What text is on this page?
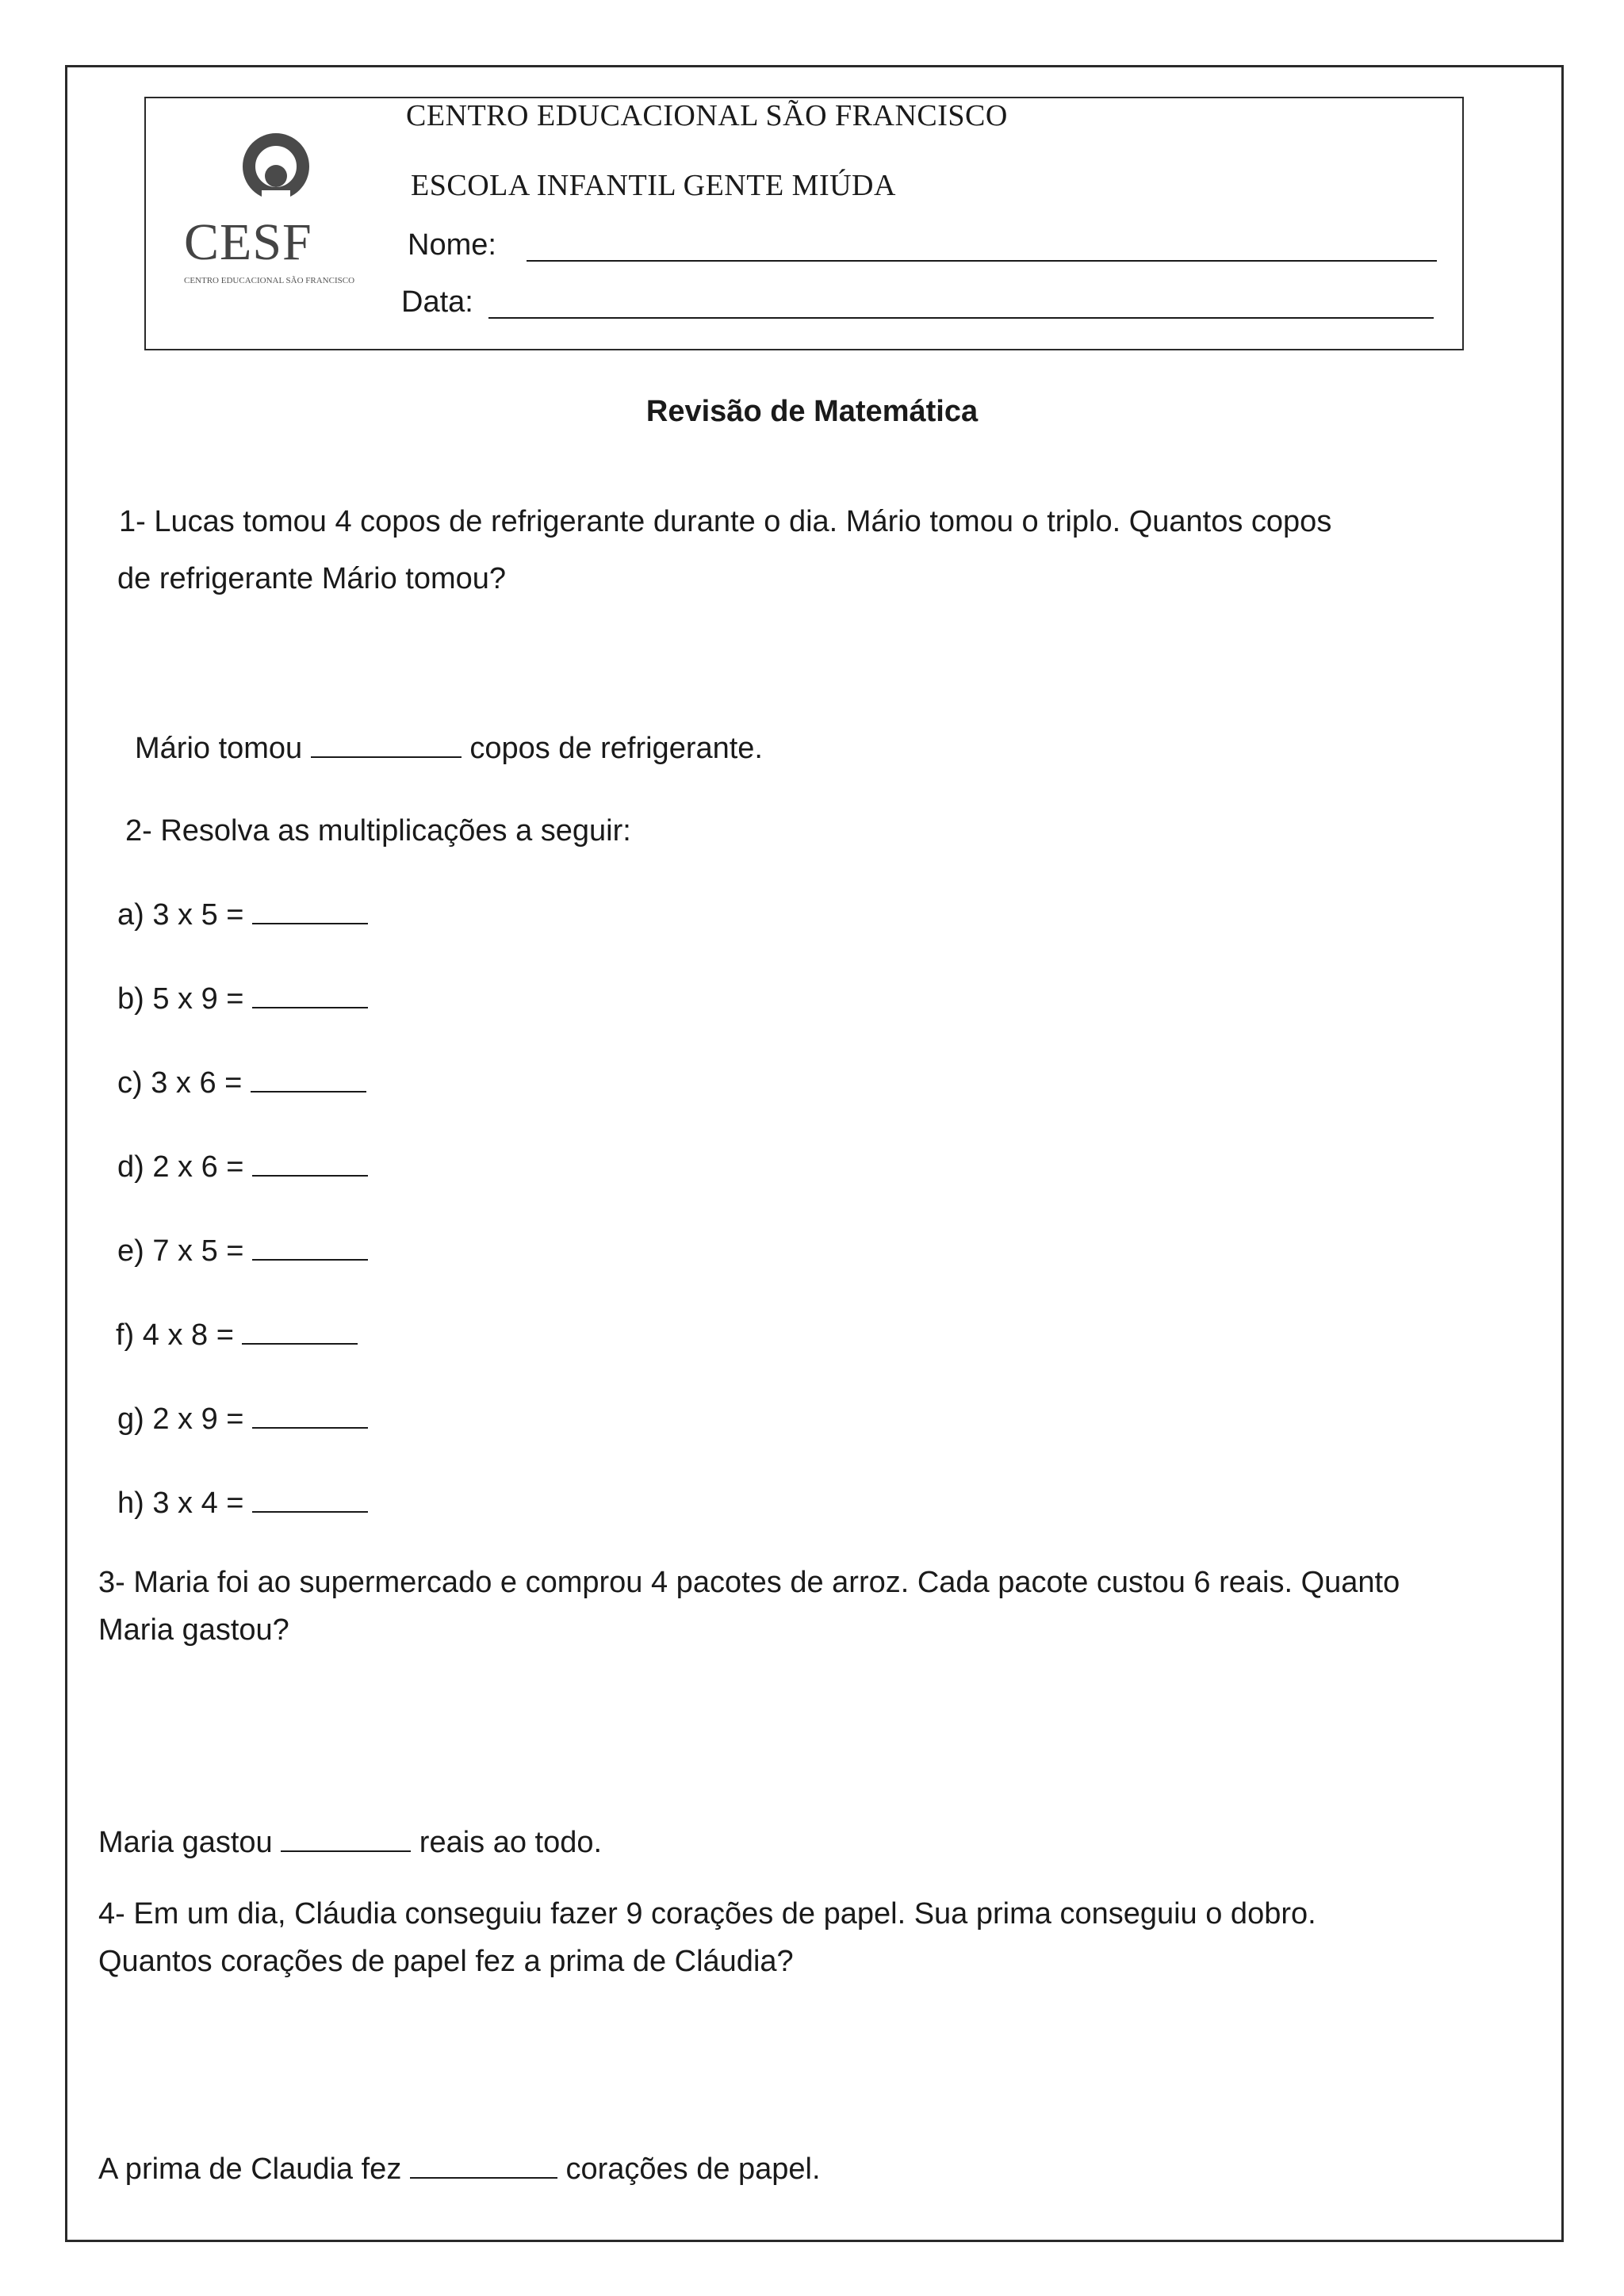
CESF
CENTRO EDUCACIONAL SÃO FRANCISCO
CENTRO EDUCACIONAL SÃO FRANCISCO
ESCOLA INFANTIL GENTE MIÚDA
Nome:
Data:
Revisão de Matemática
1- Lucas tomou 4 copos de refrigerante durante o dia. Mário tomou o triplo. Quantos copos
de refrigerante Mário tomou?
Mário tomou	copos de refrigerante.
2- Resolva as multiplicações a seguir:
a) 3 x 5 =
b) 5 x 9 =
c) 3 x 6 =
d) 2 x 6 =
e) 7 x 5 =
f) 4 x 8 =
g) 2 x 9 =
h) 3 x 4 =
3- Maria foi ao supermercado e comprou 4 pacotes de arroz. Cada pacote custou 6 reais. Quanto
Maria gastou?
Maria gastou	reais ao todo.
4- Em um dia, Cláudia conseguiu fazer 9 corações de papel. Sua prima conseguiu o dobro.
Quantos corações de papel fez a prima de Cláudia?
A prima de Claudia fez	corações de papel.
